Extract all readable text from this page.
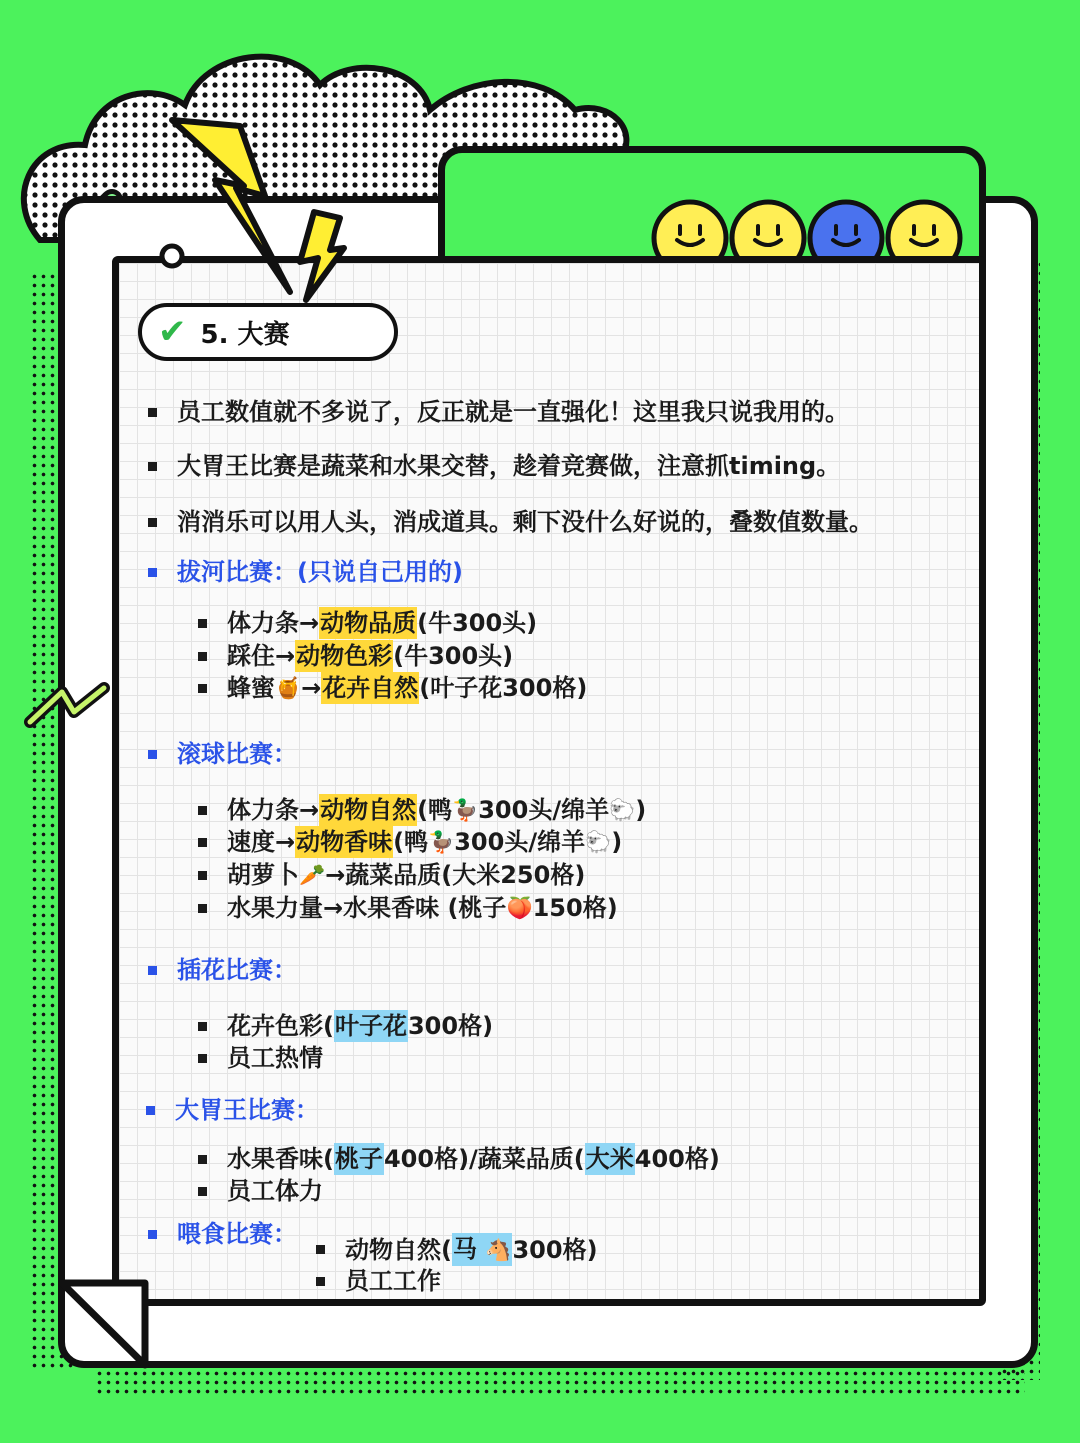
✔ 5. 大赛
员工数值就不多说了，反正就是一直强化！这里我只说我用的。
大胃王比赛是蔬菜和水果交替，趁着竞赛做，注意抓timing。
消消乐可以用人头，消成道具。剩下没什么好说的，叠数值数量。
拔河比赛：(只说自己用的)
体力条→ 动物品质 (牛300头)
踩住→ 动物色彩 (牛300头)
蜂蜜 🍯 → 花卉自然 (叶子花300格)
滚球比赛：
体力条→ 动物自然 (鸭 🦆 300头/绵羊 🐑 )
速度→ 动物香味 (鸭 🦆 300头/绵羊 🐑 )
胡萝卜 🥕 →蔬菜品质(大米250格)
水果力量→水果香味 (桃子 🍑 150格)
插花比赛：
花卉色彩( 叶子花 300格)
员工热情
大胃王比赛：
水果香味( 桃子 400格)/蔬菜品质( 大米 400格)
员工体力
喂食比赛：
动物自然( 马 🐴 300格)
员工工作
